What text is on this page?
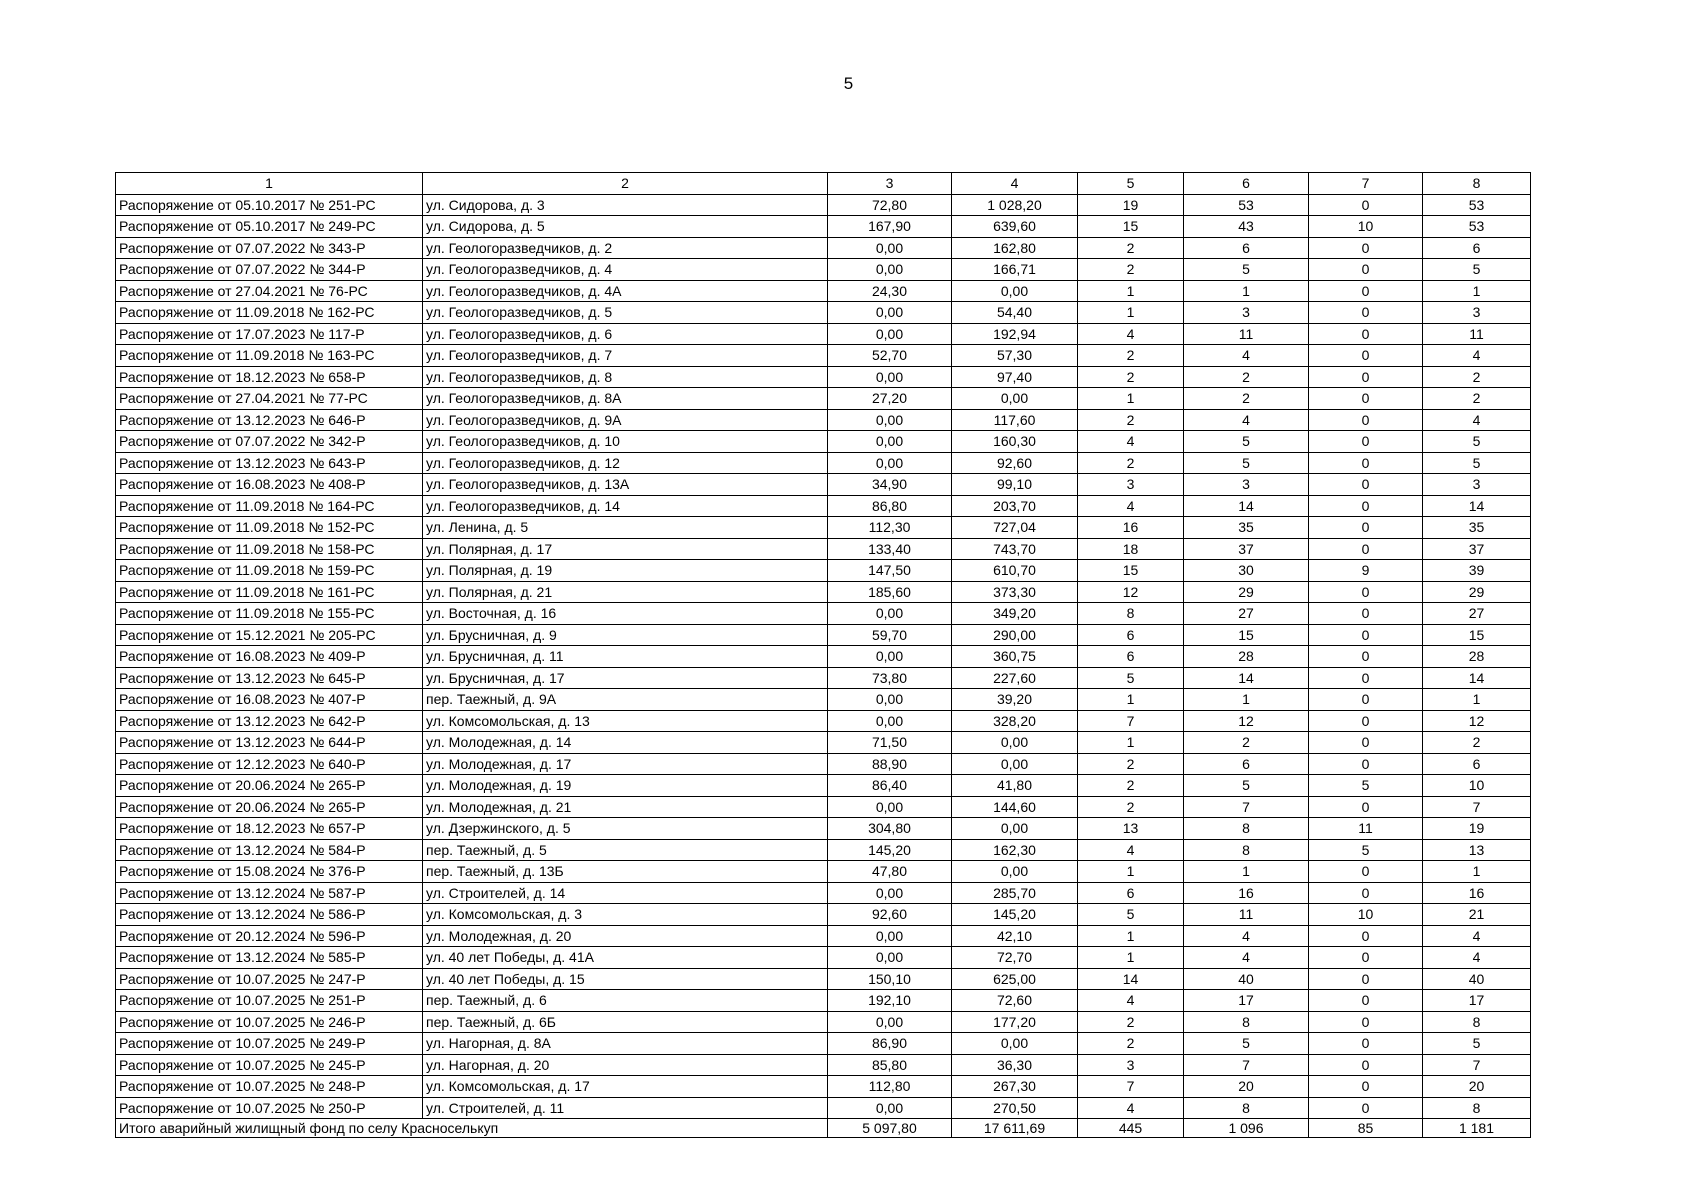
5
1	2	3	4	5	6	7	8
Распоряжение от 05.10.2017 № 251-РС	ул. Сидорова, д. 3	72,80	1 028,20	19	53	0	53
Распоряжение от 05.10.2017 № 249-РС	ул. Сидорова, д. 5	167,90	639,60	15	43	10	53
Распоряжение от 07.07.2022 № 343-Р	ул. Геологоразведчиков, д. 2	0,00	162,80	2	6	0	6
Распоряжение от 07.07.2022 № 344-Р	ул. Геологоразведчиков, д. 4	0,00	166,71	2	5	0	5
Распоряжение от 27.04.2021 № 76-РС	ул. Геологоразведчиков, д. 4А	24,30	0,00	1	1	0	1
Распоряжение от 11.09.2018 № 162-РС	ул. Геологоразведчиков, д. 5	0,00	54,40	1	3	0	3
Распоряжение от 17.07.2023 № 117-Р	ул. Геологоразведчиков, д. 6	0,00	192,94	4	11	0	11
Распоряжение от 11.09.2018 № 163-РС	ул. Геологоразведчиков, д. 7	52,70	57,30	2	4	0	4
Распоряжение от 18.12.2023 № 658-Р	ул. Геологоразведчиков, д. 8	0,00	97,40	2	2	0	2
Распоряжение от 27.04.2021 № 77-РС	ул. Геологоразведчиков, д. 8А	27,20	0,00	1	2	0	2
Распоряжение от 13.12.2023 № 646-Р	ул. Геологоразведчиков, д. 9А	0,00	117,60	2	4	0	4
Распоряжение от 07.07.2022 № 342-Р	ул. Геологоразведчиков, д. 10	0,00	160,30	4	5	0	5
Распоряжение от 13.12.2023 № 643-Р	ул. Геологоразведчиков, д. 12	0,00	92,60	2	5	0	5
Распоряжение от 16.08.2023 № 408-Р	ул. Геологоразведчиков, д. 13А	34,90	99,10	3	3	0	3
Распоряжение от 11.09.2018 № 164-РС	ул. Геологоразведчиков, д. 14	86,80	203,70	4	14	0	14
Распоряжение от 11.09.2018 № 152-РС	ул. Ленина, д. 5	112,30	727,04	16	35	0	35
Распоряжение от 11.09.2018 № 158-РС	ул. Полярная, д. 17	133,40	743,70	18	37	0	37
Распоряжение от 11.09.2018 № 159-РС	ул. Полярная, д. 19	147,50	610,70	15	30	9	39
Распоряжение от 11.09.2018 № 161-РС	ул. Полярная, д. 21	185,60	373,30	12	29	0	29
Распоряжение от 11.09.2018 № 155-РС	ул. Восточная, д. 16	0,00	349,20	8	27	0	27
Распоряжение от 15.12.2021 № 205-РС	ул. Брусничная, д. 9	59,70	290,00	6	15	0	15
Распоряжение от 16.08.2023 № 409-Р	ул. Брусничная, д. 11	0,00	360,75	6	28	0	28
Распоряжение от 13.12.2023 № 645-Р	ул. Брусничная, д. 17	73,80	227,60	5	14	0	14
Распоряжение от 16.08.2023 № 407-Р	пер. Таежный, д. 9А	0,00	39,20	1	1	0	1
Распоряжение от 13.12.2023 № 642-Р	ул. Комсомольская, д. 13	0,00	328,20	7	12	0	12
Распоряжение от 13.12.2023 № 644-Р	ул. Молодежная, д. 14	71,50	0,00	1	2	0	2
Распоряжение от 12.12.2023 № 640-Р	ул. Молодежная, д. 17	88,90	0,00	2	6	0	6
Распоряжение от 20.06.2024 № 265-Р	ул. Молодежная, д. 19	86,40	41,80	2	5	5	10
Распоряжение от 20.06.2024 № 265-Р	ул. Молодежная, д. 21	0,00	144,60	2	7	0	7
Распоряжение от 18.12.2023 № 657-Р	ул. Дзержинского, д. 5	304,80	0,00	13	8	11	19
Распоряжение от 13.12.2024 № 584-Р	пер. Таежный, д. 5	145,20	162,30	4	8	5	13
Распоряжение от 15.08.2024 № 376-Р	пер. Таежный, д. 13Б	47,80	0,00	1	1	0	1
Распоряжение от 13.12.2024 № 587-Р	ул. Строителей, д. 14	0,00	285,70	6	16	0	16
Распоряжение от 13.12.2024 № 586-Р	ул. Комсомольская, д. 3	92,60	145,20	5	11	10	21
Распоряжение от 20.12.2024 № 596-Р	ул. Молодежная, д. 20	0,00	42,10	1	4	0	4
Распоряжение от 13.12.2024 № 585-Р	ул. 40 лет Победы, д. 41А	0,00	72,70	1	4	0	4
Распоряжение от 10.07.2025 № 247-Р	ул. 40 лет Победы, д. 15	150,10	625,00	14	40	0	40
Распоряжение от 10.07.2025 № 251-Р	пер. Таежный, д. 6	192,10	72,60	4	17	0	17
Распоряжение от 10.07.2025 № 246-Р	пер. Таежный, д. 6Б	0,00	177,20	2	8	0	8
Распоряжение от 10.07.2025 № 249-Р	ул. Нагорная, д. 8А	86,90	0,00	2	5	0	5
Распоряжение от 10.07.2025 № 245-Р	ул. Нагорная, д. 20	85,80	36,30	3	7	0	7
Распоряжение от 10.07.2025 № 248-Р	ул. Комсомольская, д. 17	112,80	267,30	7	20	0	20
Распоряжение от 10.07.2025 № 250-Р	ул. Строителей, д. 11	0,00	270,50	4	8	0	8
Итого аварийный жилищный фонд по селу Красноселькуп		5 097,80	17 611,69	445	1 096	85	1 181
